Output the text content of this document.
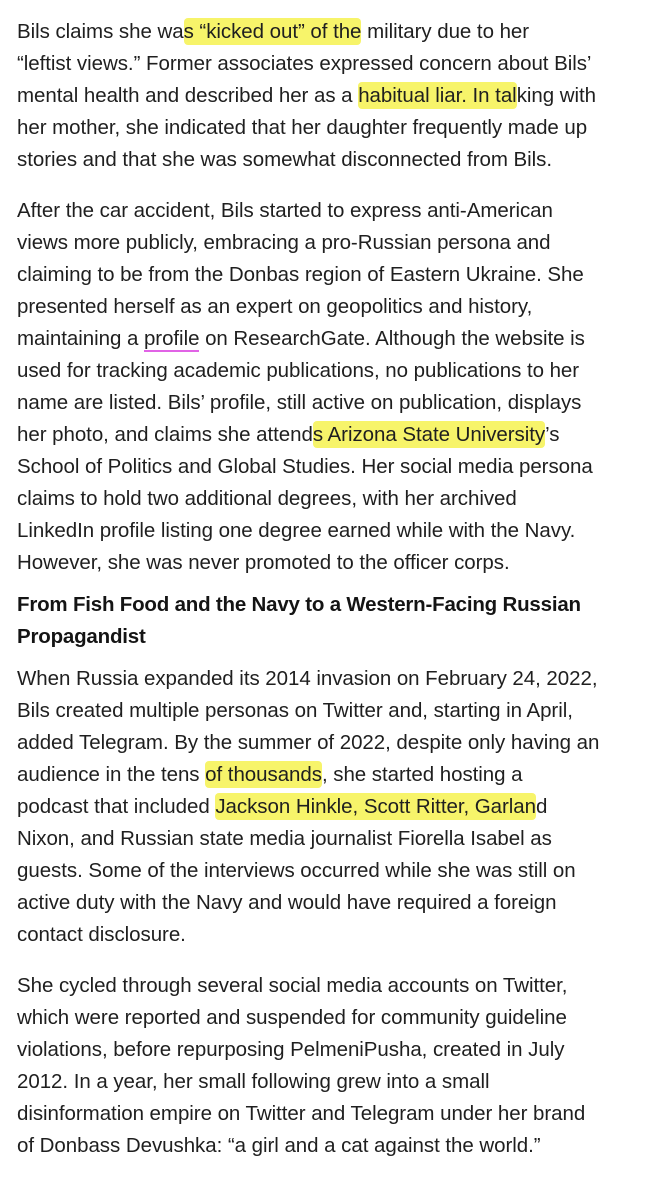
Bils claims she was “kicked out” of the military due to her
“leftist views.” Former associates expressed concern about Bils’
mental health and described her as a habitual liar. In talking with
her mother, she indicated that her daughter frequently made up
stories and that she was somewhat disconnected from Bils.
After the car accident, Bils started to express anti-American
views more publicly, embracing a pro-Russian persona and
claiming to be from the Donbas region of Eastern Ukraine. She
presented herself as an expert on geopolitics and history,
maintaining a profile on ResearchGate. Although the website is
used for tracking academic publications, no publications to her
name are listed. Bils’ profile, still active on publication, displays
her photo, and claims she attends Arizona State University’s
School of Politics and Global Studies. Her social media persona
claims to hold two additional degrees, with her archived
LinkedIn profile listing one degree earned while with the Navy.
However, she was never promoted to the officer corps.
From Fish Food and the Navy to a Western-Facing Russian
Propagandist
When Russia expanded its 2014 invasion on February 24, 2022,
Bils created multiple personas on Twitter and, starting in April,
added Telegram. By the summer of 2022, despite only having an
audience in the tens of thousands, she started hosting a
podcast that included Jackson Hinkle, Scott Ritter, Garland
Nixon, and Russian state media journalist Fiorella Isabel as
guests. Some of the interviews occurred while she was still on
active duty with the Navy and would have required a foreign
contact disclosure.
She cycled through several social media accounts on Twitter,
which were reported and suspended for community guideline
violations, before repurposing PelmeniPusha, created in July
2012. In a year, her small following grew into a small
disinformation empire on Twitter and Telegram under her brand
of Donbass Devushka: “a girl and a cat against the world.”
